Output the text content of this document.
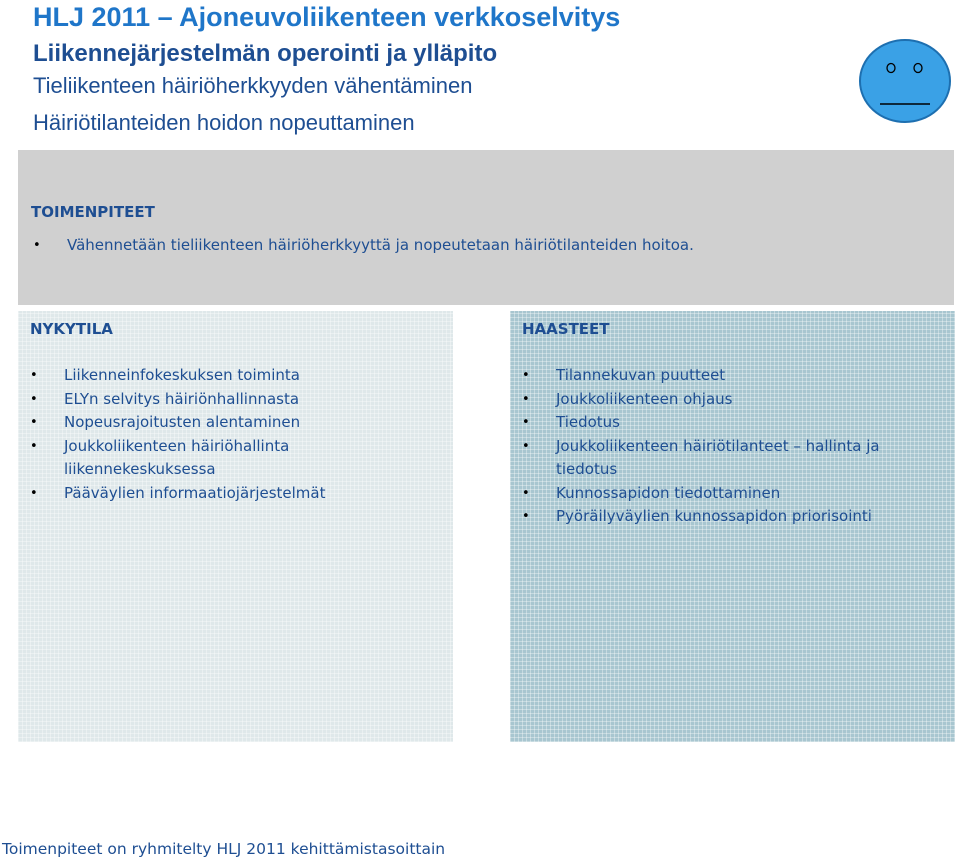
HLJ 2011 – Ajoneuvoliikenteen verkkoselvitys
Liikennejärjestelmän operointi ja ylläpito
Tieliikenteen häiriöherkkyyden vähentäminen
Häiriötilanteiden hoidon nopeuttaminen
TOIMENPITEET
• Vähennetään tieliikenteen häiriöherkkyyttä ja nopeutetaan häiriötilanteiden hoitoa.
NYKYTILA
• Liikenneinfokeskuksen toiminta
• ELYn selvitys häiriönhallinnasta
• Nopeusrajoitusten alentaminen
• Joukkoliikenteen häiriöhallinta liikennekeskuksessa
• Pääväylien informaatiojärjestelmät
HAASTEET
• Tilannekuvan puutteet
• Joukkoliikenteen ohjaus
• Tiedotus
• Joukkoliikenteen häiriötilanteet – hallinta ja tiedotus
• Kunnossapidon tiedottaminen
• Pyöräilyväylien kunnossapidon priorisointi

Toimenpiteet on ryhmitelty HLJ 2011 kehittämistasoittain
